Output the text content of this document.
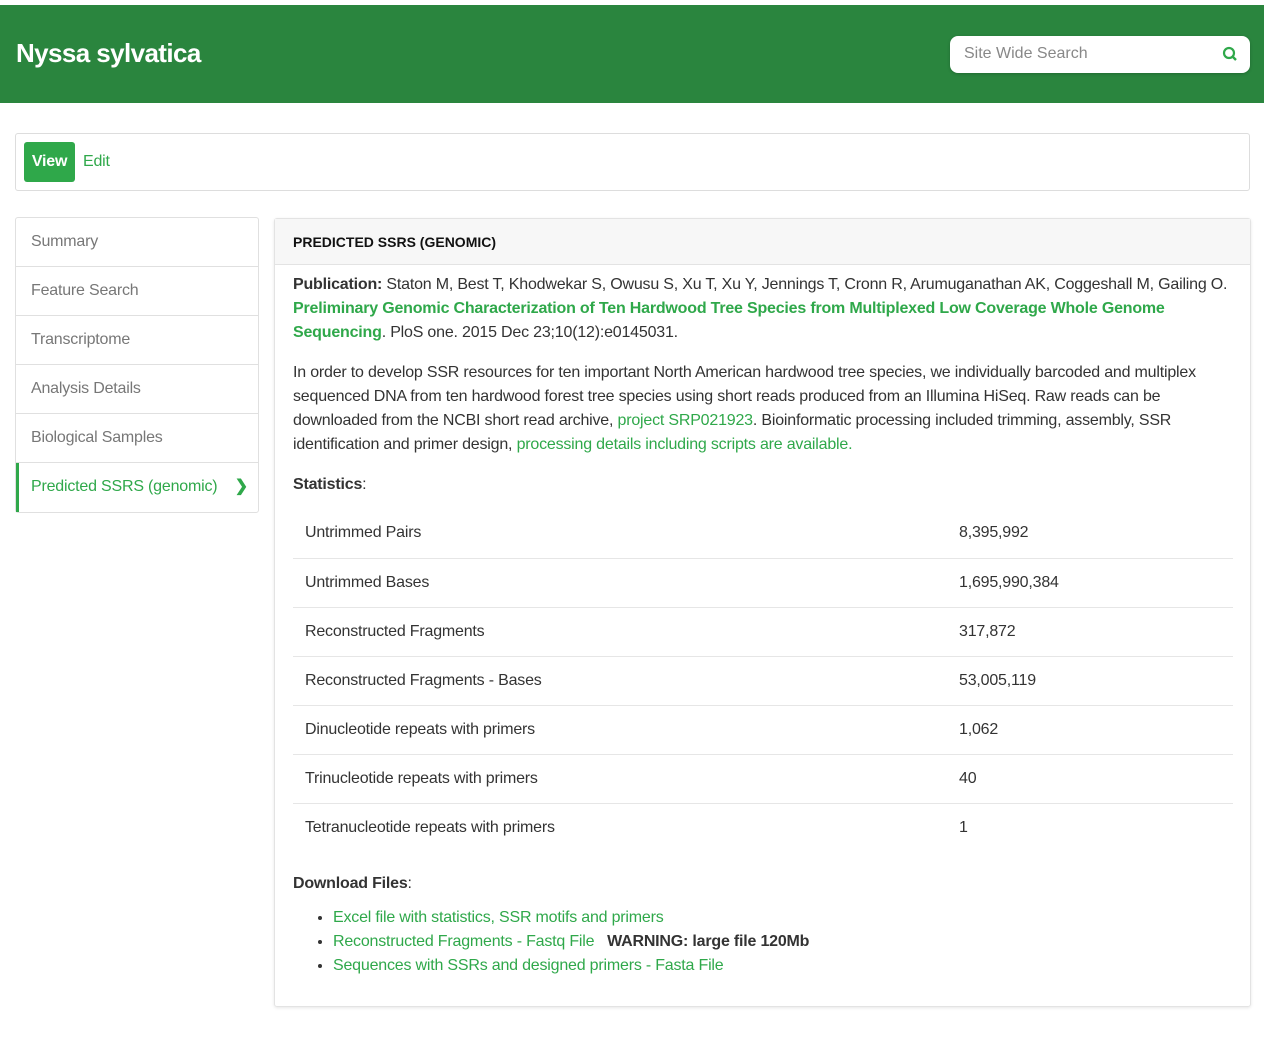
Nyssa sylvatica
Site Wide Search
View Edit
Summary
Feature Search
Transcriptome
Analysis Details
Biological Samples
Predicted SSRS (genomic) ❯
PREDICTED SSRS (GENOMIC)

Publication: Staton M, Best T, Khodwekar S, Owusu S, Xu T, Xu Y, Jennings T, Cronn R, Arumuganathan AK, Coggeshall M, Gailing O. Preliminary Genomic Characterization of Ten Hardwood Tree Species from Multiplexed Low Coverage Whole Genome Sequencing. PloS one. 2015 Dec 23;10(12):e0145031.

In order to develop SSR resources for ten important North American hardwood tree species, we individually barcoded and multiplex sequenced DNA from ten hardwood forest tree species using short reads produced from an Illumina HiSeq. Raw reads can be downloaded from the NCBI short read archive, project SRP021923. Bioinformatic processing included trimming, assembly, SSR identification and primer design, processing details including scripts are available.

Statistics:
Untrimmed Pairs	8,395,992
Untrimmed Bases	1,695,990,384
Reconstructed Fragments	317,872
Reconstructed Fragments - Bases	53,005,119
Dinucleotide repeats with primers	1,062
Trinucleotide repeats with primers	40
Tetranucleotide repeats with primers	1
Download Files:
• Excel file with statistics, SSR motifs and primers
• Reconstructed Fragments - Fastq File WARNING: large file 120Mb
• Sequences with SSRs and designed primers - Fasta File
